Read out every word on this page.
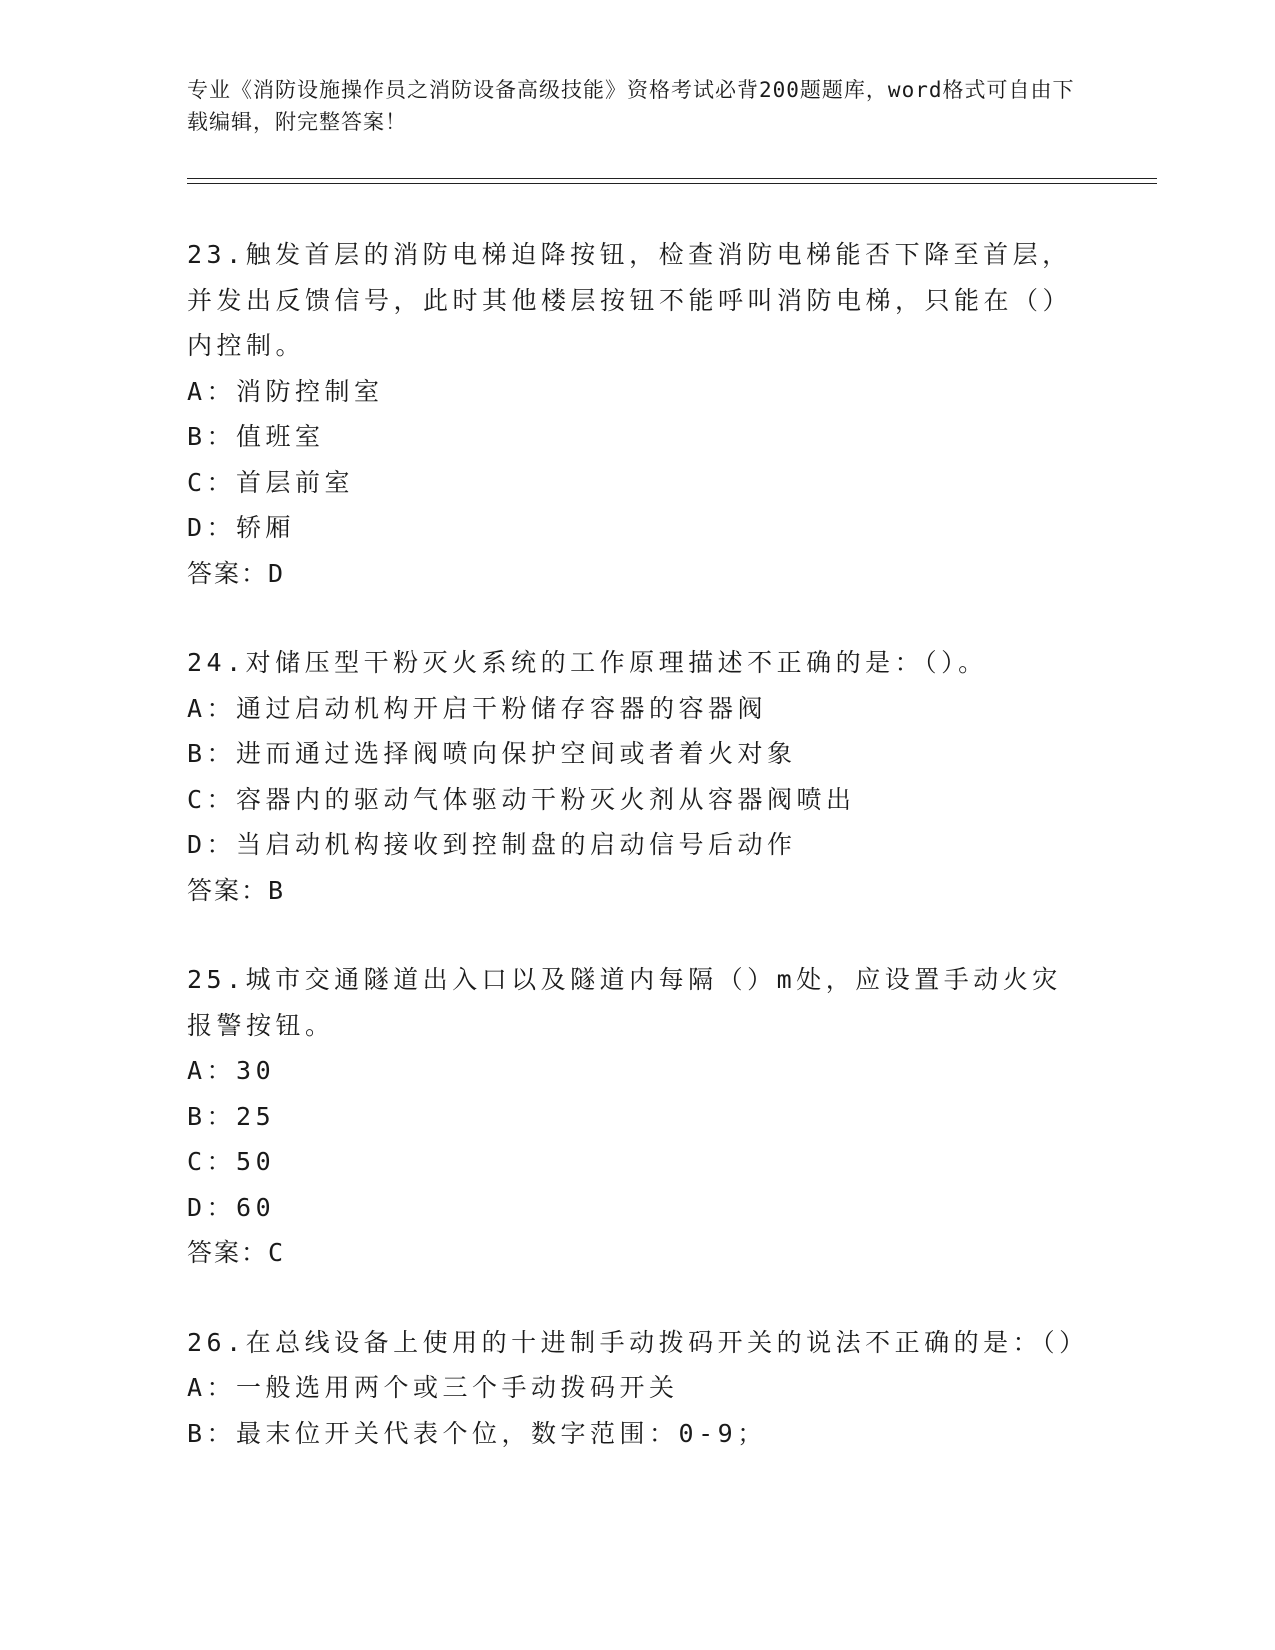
专业《消防设施操作员之消防设备高级技能》资格考试必背200题题库，word格式可自由下载编辑，附完整答案！

23.触发首层的消防电梯迫降按钮，检查消防电梯能否下降至首层，并发出反馈信号，此时其他楼层按钮不能呼叫消防电梯，只能在（）内控制。

A：消防控制室

B：值班室

C：首层前室

D：轿厢

答案：D

24.对储压型干粉灭火系统的工作原理描述不正确的是：（）。

A：通过启动机构开启干粉储存容器的容器阀

B：进而通过选择阀喷向保护空间或者着火对象

C：容器内的驱动气体驱动干粉灭火剂从容器阀喷出

D：当启动机构接收到控制盘的启动信号后动作

答案：B

25.城市交通隧道出入口以及隧道内每隔（）m处，应设置手动火灾报警按钮。

A：30

B：25

C：50

D：60

答案：C

26.在总线设备上使用的十进制手动拨码开关的说法不正确的是：（）

A：一般选用两个或三个手动拨码开关

B：最末位开关代表个位，数字范围：0-9；
